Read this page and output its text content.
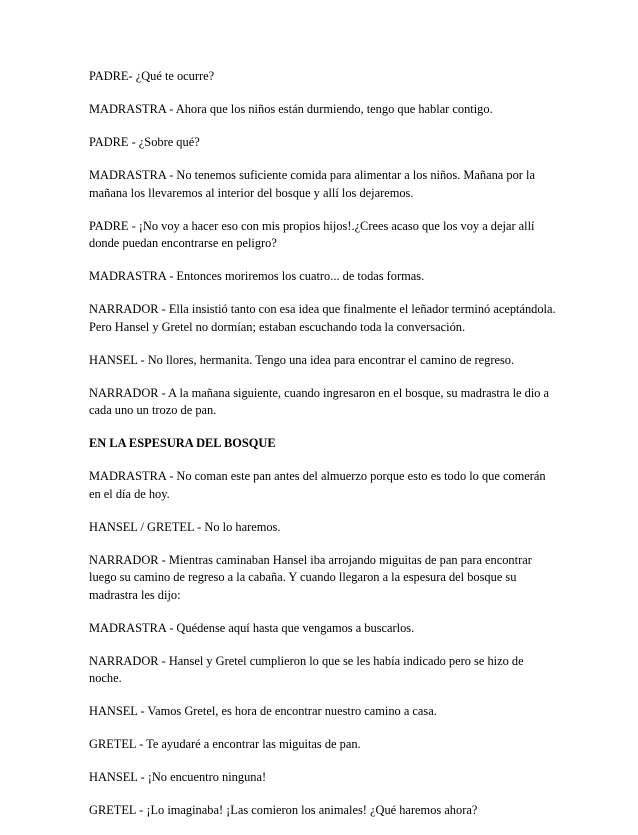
PADRE- ¿Qué te ocurre?

MADRASTRA - Ahora que los niños están durmiendo, tengo que hablar contigo.

PADRE - ¿Sobre qué?

MADRASTRA - No tenemos suficiente comida para alimentar a los niños. Mañana por la mañana los llevaremos al interior del bosque y allí los dejaremos.

PADRE - ¡No voy a hacer eso con mis propios hijos!.¿Crees acaso que los voy a dejar allí donde puedan encontrarse en peligro?

MADRASTRA - Entonces moriremos los cuatro... de todas formas.

NARRADOR - Ella insistió tanto con esa idea que finalmente el leñador terminó aceptándola. Pero Hansel y Gretel no dormían; estaban escuchando toda la conversación.

HANSEL - No llores, hermanita. Tengo una idea para encontrar el camino de regreso.

NARRADOR - A la mañana siguiente, cuando ingresaron en el bosque, su madrastra le dio a cada uno un trozo de pan.

EN LA ESPESURA DEL BOSQUE

MADRASTRA - No coman este pan antes del almuerzo porque esto es todo lo que comerán en el día de hoy.

HANSEL / GRETEL - No lo haremos.

NARRADOR - Mientras caminaban Hansel iba arrojando miguitas de pan para encontrar luego su camino de regreso a la cabaña. Y cuando llegaron a la espesura del bosque su madrastra les dijo:

MADRASTRA - Quédense aquí hasta que vengamos a buscarlos.

NARRADOR - Hansel y Gretel cumplieron lo que se les había indicado pero se hizo de noche.

HANSEL - Vamos Gretel, es hora de encontrar nuestro camino a casa.

GRETEL - Te ayudaré a encontrar las miguitas de pan.

HANSEL - ¡No encuentro ninguna!

GRETEL - ¡Lo imaginaba! ¡Las comieron los animales! ¿Qué haremos ahora?
